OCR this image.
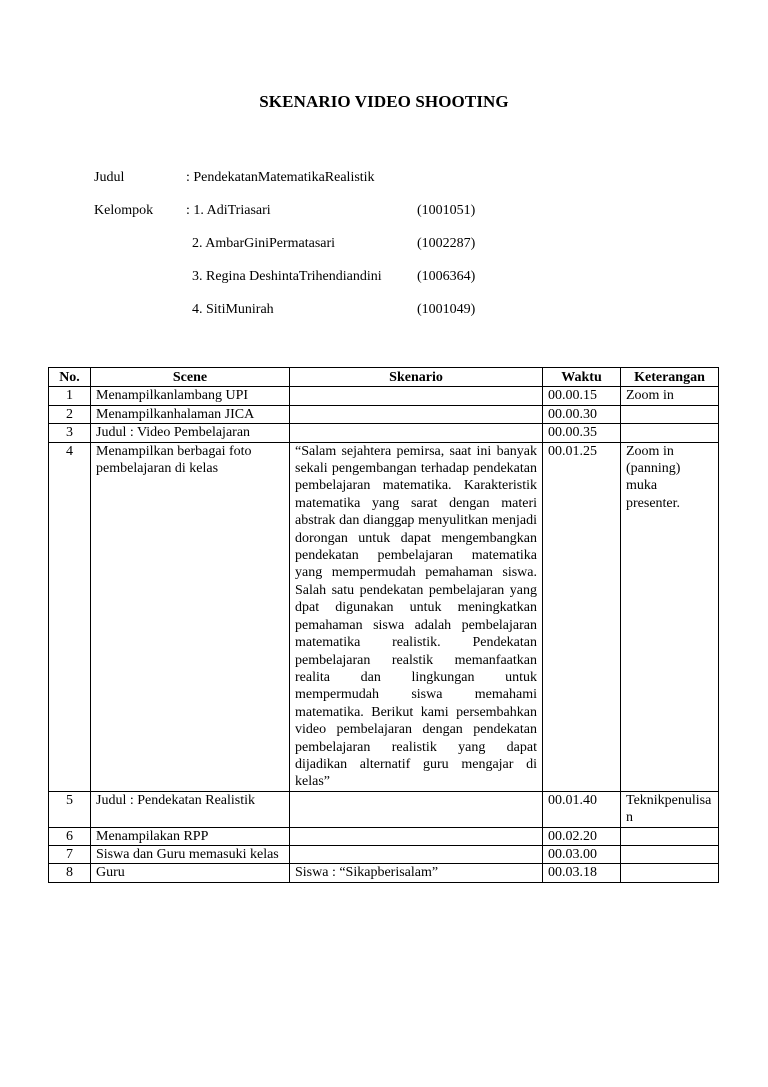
SKENARIO VIDEO SHOOTING
Judul	: PendekatanMatematikaRealistik
Kelompok : 1. AdiTriasari	(1001051)
2. AmbarGiniPermatasari	(1002287)
3. Regina DeshintaTrihendiandini	(1006364)
4. SitiMunirah	(1001049)
No.	Scene	Skenario	Waktu	Keterangan
1	Menampilkanlambang UPI		00.00.15	Zoom in
2	Menampilkanhalaman JICA		00.00.30	
3	Judul : Video Pembelajaran		00.00.35	
4	Menampilkan berbagai foto pembelajaran di kelas	“Salam sejahtera pemirsa, saat ini banyak sekali pengembangan terhadap pendekatan pembelajaran matematika. Karakteristik matematika yang sarat dengan materi abstrak dan dianggap menyulitkan menjadi dorongan untuk dapat mengembangkan pendekatan pembelajaran matematika yang mempermudah pemahaman siswa. Salah satu pendekatan pembelajaran yang dpat digunakan untuk meningkatkan pemahaman siswa adalah pembelajaran matematika realistik. Pendekatan pembelajaran realstik memanfaatkan realita dan lingkungan untuk mempermudah siswa memahami matematika. Berikut kami persembahkan video pembelajaran dengan pendekatan pembelajaran realistik yang dapat dijadikan alternatif guru mengajar di kelas”	00.01.25	Zoom in (panning) muka presenter.
5	Judul : Pendekatan Realistik		00.01.40	Teknikpenulisan
6	Menampilakan RPP		00.02.20	
7	Siswa dan Guru memasuki kelas		00.03.00	
8	Guru	Siswa : “Sikapberisalam”	00.03.18	
